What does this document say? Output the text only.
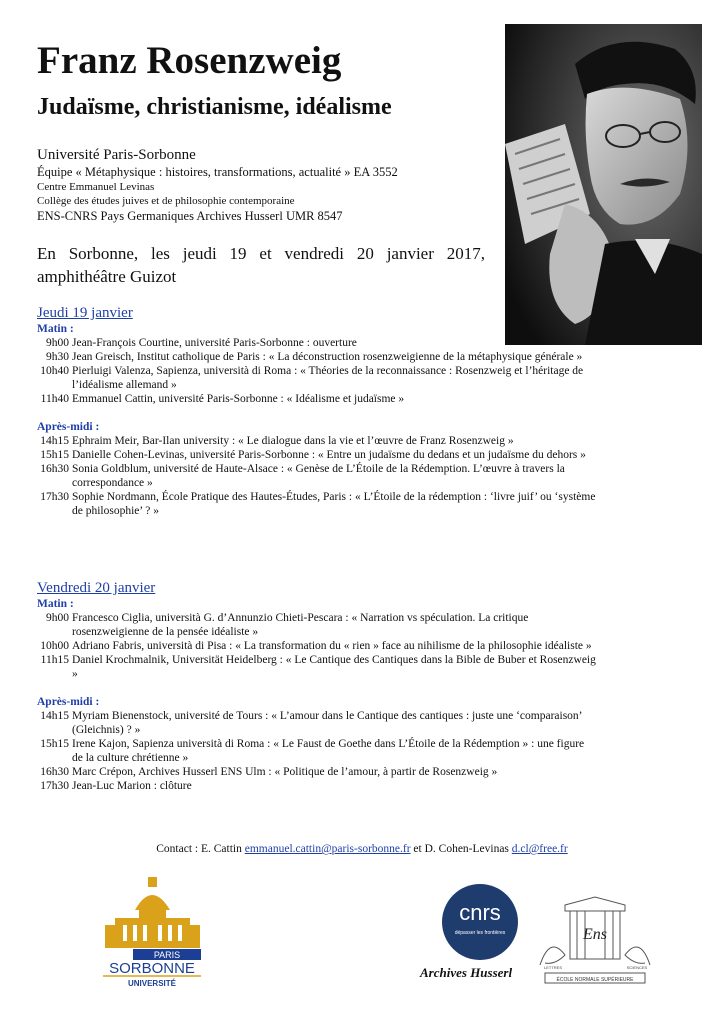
Franz Rosenzweig
Judaïsme, christianisme, idéalisme
Université Paris-Sorbonne
Équipe « Métaphysique : histoires, transformations, actualité » EA 3552
Centre Emmanuel Levinas
Collège des études juives et de philosophie contemporaine
ENS-CNRS Pays Germaniques Archives Husserl UMR 8547
En Sorbonne, les jeudi 19 et vendredi 20 janvier 2017, amphithéâtre Guizot
Jeudi 19 janvier
Matin :
9h00 Jean-François Courtine, université Paris-Sorbonne : ouverture
9h30 Jean Greisch, Institut catholique de Paris : « La déconstruction rosenzweigienne de la métaphysique générale »
10h40 Pierluigi Valenza, Sapienza, università di Roma : « Théories de la reconnaissance : Rosenzweig et l’héritage de l’idéalisme allemand »
11h40 Emmanuel Cattin, université Paris-Sorbonne : « Idéalisme et judaïsme »
Après-midi :
14h15 Ephraim Meir, Bar-Ilan university : « Le dialogue dans la vie et l’œuvre de Franz Rosenzweig »
15h15 Danielle Cohen-Levinas, université Paris-Sorbonne : « Entre un judaïsme du dedans et un judaïsme du dehors »
16h30 Sonia Goldblum, université de Haute-Alsace : « Genèse de L’Étoile de la Rédemption. L’œuvre à travers la correspondance »
17h30 Sophie Nordmann, École Pratique des Hautes-Études, Paris : « L’Étoile de la rédemption : ‘livre juif’ ou ‘système de philosophie’ ? »
Vendredi 20 janvier
Matin :
9h00 Francesco Ciglia, università G. d’Annunzio Chieti-Pescara : « Narration vs spéculation. La critique rosenzweigienne de la pensée idéaliste »
10h00 Adriano Fabris, università di Pisa : « La transformation du « rien » face au nihilisme de la philosophie idéaliste »
11h15 Daniel Krochmalnik, Universität Heidelberg : « Le Cantique des Cantiques dans la Bible de Buber et Rosenzweig »
Après-midi :
14h15 Myriam Bienenstock, université de Tours : « L’amour dans le Cantique des cantiques : juste une ‘comparaison’ (Gleichnis) ? »
15h15 Irene Kajon, Sapienza università di Roma : « Le Faust de Goethe dans L’Étoile de la Rédemption » : une figure de la culture chrétienne »
16h30 Marc Crépon, Archives Husserl ENS Ulm : « Politique de l’amour, à partir de Rosenzweig »
17h30 Jean-Luc Marion : clôture
Contact : E. Cattin emmanuel.cattin@paris-sorbonne.fr et D. Cohen-Levinas d.cl@free.fr
PARIS
SORBONNE
UNIVERSITÉ
cnrs
dépasser les frontières
Archives Husserl
Ens
LETTRES	SCIENCES
ÉCOLE NORMALE SUPÉRIEURE
